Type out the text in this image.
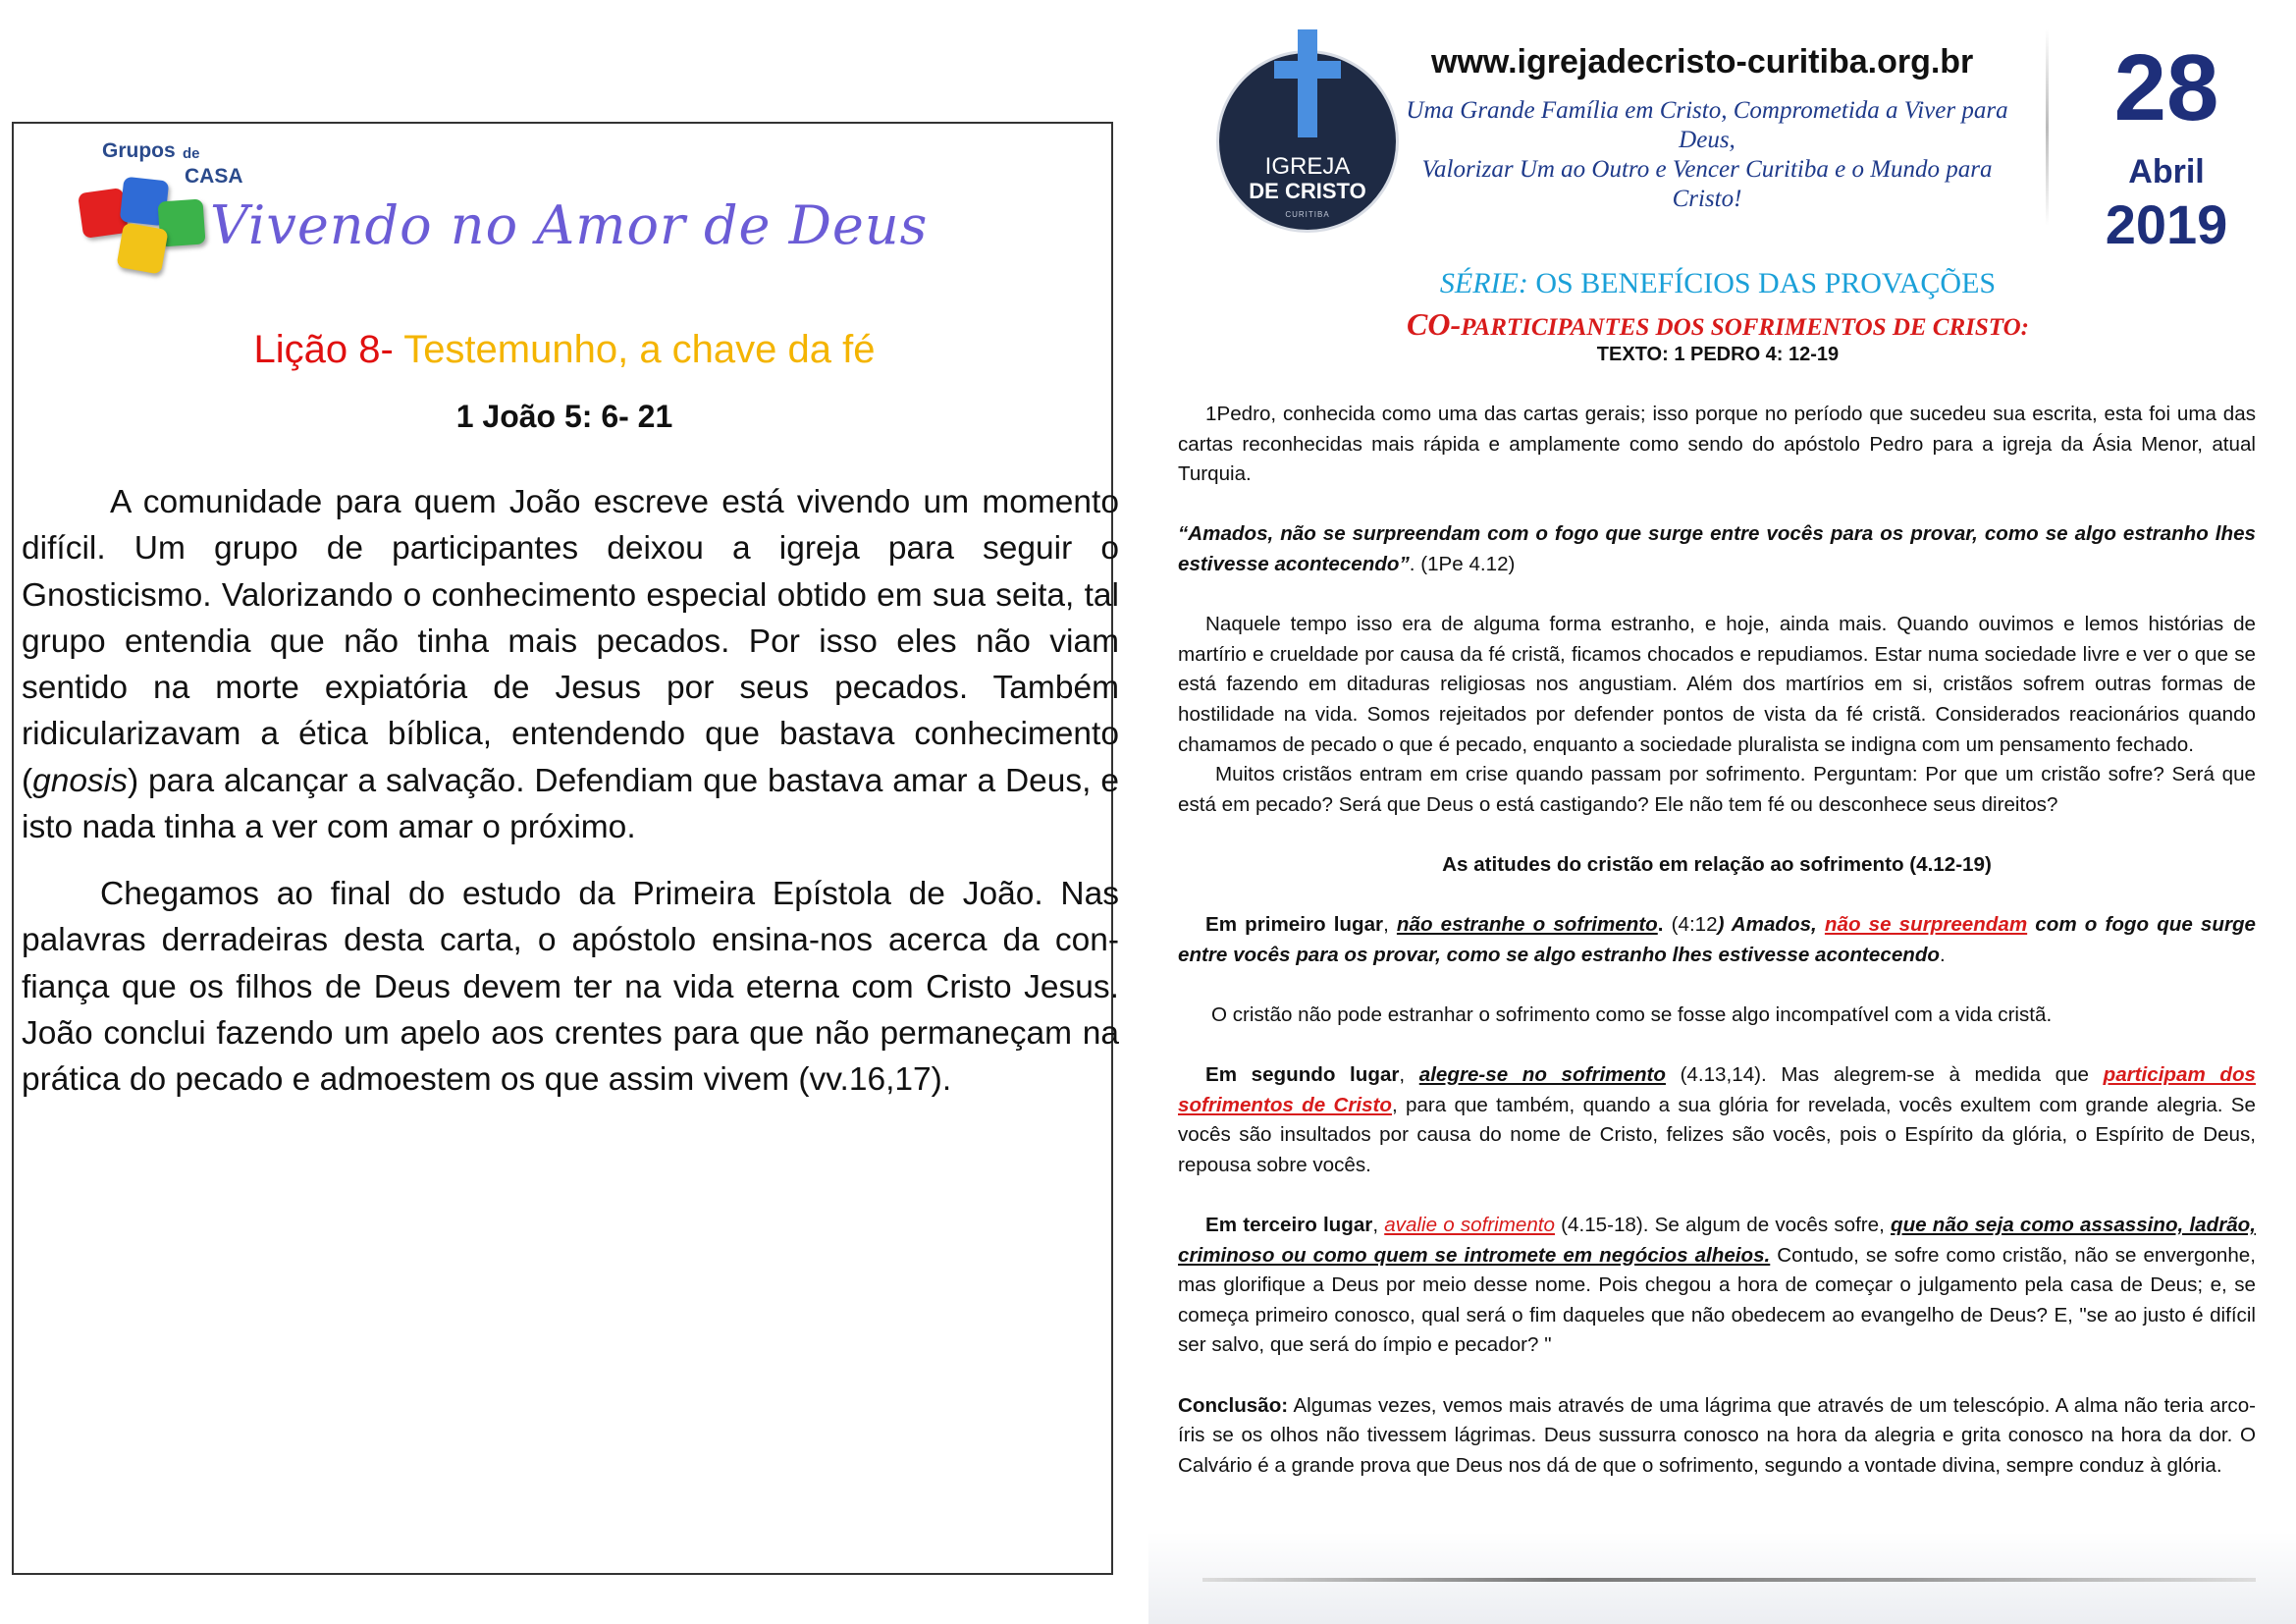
Grupos de
CASA
Vivendo no Amor de Deus
Lição 8- Testemunho, a chave da fé
1 João 5: 6- 21

A comunidade para quem João escreve está vivendo um momento difícil. Um grupo de participantes deixou a igreja para seguir o Gnosticismo. Valorizando o conhecimento especial obtido em sua seita, tal grupo entendia que não tinha mais pecados. Por isso eles não viam sentido na morte expiatória de Jesus por seus pecados. Também ridicularizavam a ética bíblica, entendendo que bastava conhecimento (gnosis) para alcançar a salvação. Defendiam que bastava amar a Deus, e isto nada tinha a ver com amar o próximo.

Chegamos ao final do estudo da Primeira Epístola de João. Nas palavras derradeiras desta carta, o apóstolo ensina-nos acerca da confiança que os filhos de Deus devem ter na vida eterna com Cristo Jesus. João conclui fazendo um apelo aos crentes para que não permaneçam na prática do pecado e admoestem os que assim vivem (vv.16,17).

IGREJA
DE CRISTO
CURITIBA
www.igrejadecristo-curitiba.org.br
Uma Grande Família em Cristo, Comprometida a Viver para Deus,
Valorizar Um ao Outro e Vencer Curitiba e o Mundo para Cristo!
28
Abril
2019
SÉRIE: OS BENEFÍCIOS DAS PROVAÇÕES
CO-PARTICIPANTES DOS SOFRIMENTOS DE CRISTO:
TEXTO: 1 PEDRO 4: 12-19

1Pedro, conhecida como uma das cartas gerais; isso porque no período que sucedeu sua escrita, esta foi uma das cartas reconhecidas mais rápida e amplamente como sendo do apóstolo Pedro para a igreja da Ásia Menor, atual Turquia.

“Amados, não se surpreendam com o fogo que surge entre vocês para os provar, como se algo estranho lhes estivesse acontecendo”. (1Pe 4.12)

Naquele tempo isso era de alguma forma estranho, e hoje, ainda mais. Quando ouvimos e lemos histórias de martírio e crueldade por causa da fé cristã, ficamos chocados e repudiamos. Estar numa sociedade livre e ver o que se está fazendo em ditaduras religiosas nos angustiam. Além dos martírios em si, cristãos sofrem outras formas de hostilidade na vida. Somos rejeitados por defender pontos de vista da fé cristã. Considerados reacionários quando chamamos de pecado o que é pecado, enquanto a sociedade pluralista se indigna com um pensamento fechado.

Muitos cristãos entram em crise quando passam por sofrimento. Perguntam: Por que um cristão sofre? Será que está em pecado? Será que Deus o está castigando? Ele não tem fé ou desconhece seus direitos?

As atitudes do cristão em relação ao sofrimento (4.12-19)

Em primeiro lugar, não estranhe o sofrimento. (4:12) Amados, não se surpreendam com o fogo que surge entre vocês para os provar, como se algo estranho lhes estivesse acontecendo.

O cristão não pode estranhar o sofrimento como se fosse algo incompatível com a vida cristã.

Em segundo lugar, alegre-se no sofrimento (4.13,14). Mas alegrem-se à medida que participam dos sofrimentos de Cristo, para que também, quando a sua glória for revelada, vocês exultem com grande alegria. Se vocês são insultados por causa do nome de Cristo, felizes são vocês, pois o Espírito da glória, o Espírito de Deus, repousa sobre vocês.

Em terceiro lugar, avalie o sofrimento (4.15-18). Se algum de vocês sofre, que não seja como assassino, ladrão, criminoso ou como quem se intromete em negócios alheios. Contudo, se sofre como cristão, não se envergonhe, mas glorifique a Deus por meio desse nome. Pois chegou a hora de começar o julgamento pela casa de Deus; e, se começa primeiro conosco, qual será o fim daqueles que não obedecem ao evangelho de Deus? E, "se ao justo é difícil ser salvo, que será do ímpio e pecador? "

Conclusão: Algumas vezes, vemos mais através de uma lágrima que através de um telescópio. A alma não teria arco-íris se os olhos não tivessem lágrimas. Deus sussurra conosco na hora da alegria e grita conosco na hora da dor. O Calvário é a grande prova que Deus nos dá de que o sofrimento, segundo a vontade divina, sempre conduz à glória.
